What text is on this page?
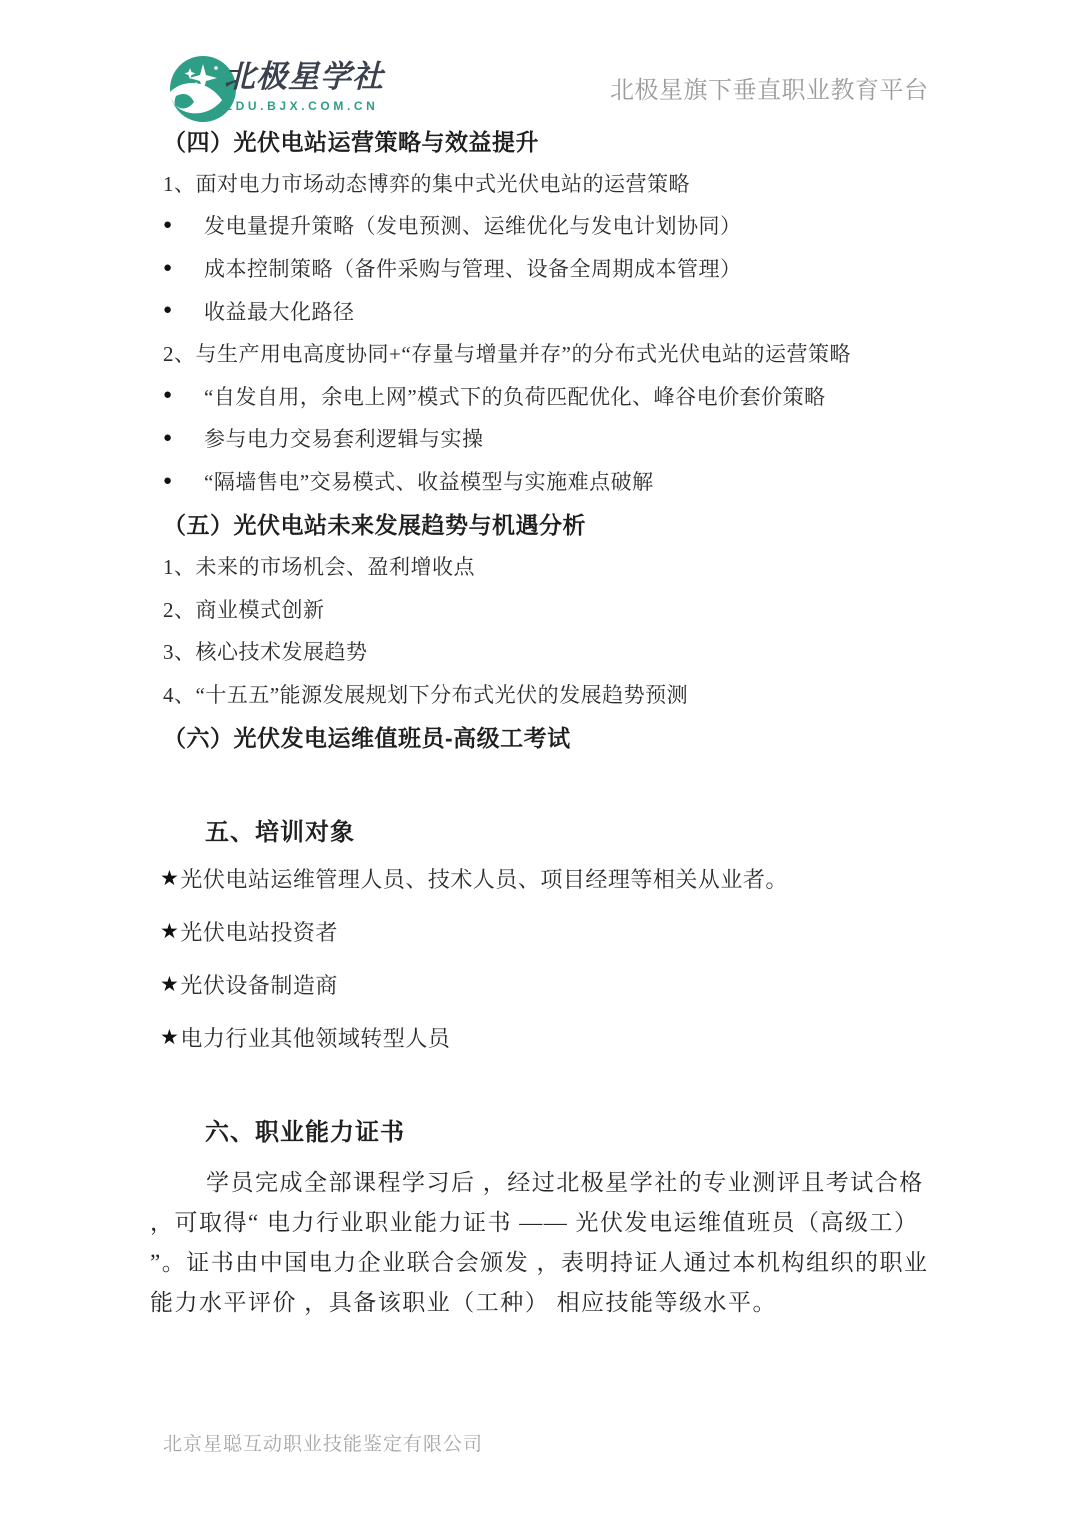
北极星学社
EDU.BJX.COM.CN
北极星旗下垂直职业教育平台
（四）光伏电站运营策略与效益提升
1、面对电力市场动态博弈的集中式光伏电站的运营策略
●	发电量提升策略（发电预测、运维优化与发电计划协同）
●	成本控制策略（备件采购与管理、设备全周期成本管理）
●	收益最大化路径
2、与生产用电高度协同+“存量与增量并存”的分布式光伏电站的运营策略
●	“自发自用，余电上网”模式下的负荷匹配优化、峰谷电价套价策略
●	参与电力交易套利逻辑与实操
●	“隔墙售电”交易模式、收益模型与实施难点破解
（五）光伏电站未来发展趋势与机遇分析
1、未来的市场机会、盈利增收点
2、商业模式创新
3、核心技术发展趋势
4、“十五五”能源发展规划下分布式光伏的发展趋势预测
（六）光伏发电运维值班员-高级工考试
五、培训对象
★ 光伏电站运维管理人员、技术人员、项目经理等相关从业者。
★ 光伏电站投资者
★ 光伏设备制造商
★ 电力行业其他领域转型人员
六、职业能力证书
学员完成全部课程学习后 ，经过北极星学社的专业测评且考试合格
，可取得“ 电力行业职业能力证书 —— 光伏发电运维值班员（高级工）
”。证书由中国电力企业联合会颁发 ，表明持证人通过本机构组织的职业
能力水平评价 ，具备该职业（工种） 相应技能等级水平。
北京星聪互动职业技能鉴定有限公司
